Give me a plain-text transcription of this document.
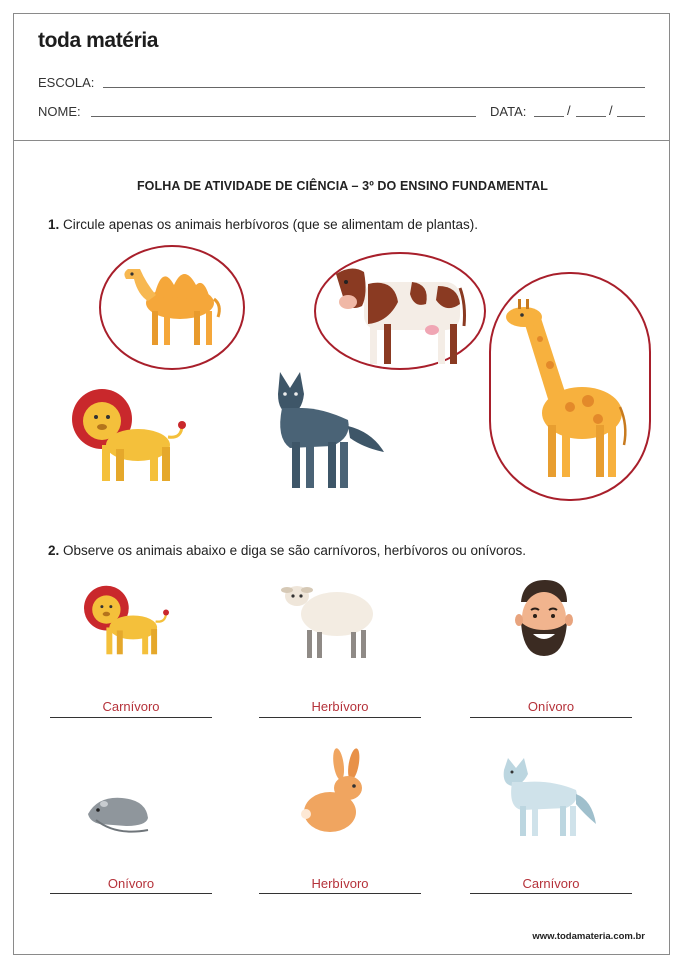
toda matéria
ESCOLA:
NOME:	DATA:	/	/
FOLHA DE ATIVIDADE DE CIÊNCIA – 3º DO ENSINO FUNDAMENTAL
1. Circule apenas os animais herbívoros (que se alimentam de plantas).
2. Observe os animais abaixo e diga se são carnívoros, herbívoros ou onívoros.
Carnívoro	Herbívoro	Onívoro
Onívoro	Herbívoro	Carnívoro
www.todamateria.com.br
